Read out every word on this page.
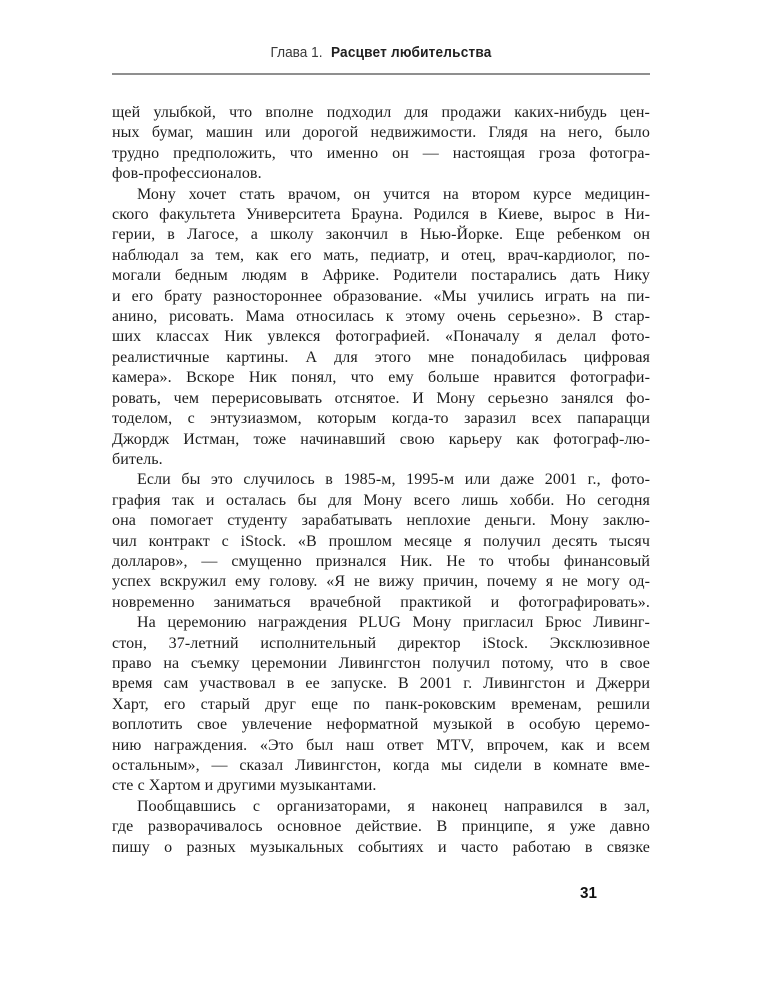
Глава 1. Расцвет любительства
щей улыбкой, что вполне подходил для продажи каких-нибудь цен-
ных бумаг, машин или дорогой недвижимости. Глядя на него, было
трудно предположить, что именно он — настоящая гроза фотогра-
фов-профессионалов.
Мону хочет стать врачом, он учится на втором курсе медицин-
ского факультета Университета Брауна. Родился в Киеве, вырос в Ни-
герии, в Лагосе, а школу закончил в Нью-Йорке. Еще ребенком он
наблюдал за тем, как его мать, педиатр, и отец, врач-кардиолог, по-
могали бедным людям в Африке. Родители постарались дать Нику
и его брату разностороннее образование. «Мы учились играть на пи-
анино, рисовать. Мама относилась к этому очень серьезно». В стар-
ших классах Ник увлекся фотографией. «Поначалу я делал фото-
реалистичные картины. А для этого мне понадобилась цифровая
камера». Вскоре Ник понял, что ему больше нравится фотографи-
ровать, чем перерисовывать отснятое. И Мону серьезно занялся фо-
тоделом, с энтузиазмом, которым когда-то заразил всех папарацци
Джордж Истман, тоже начинавший свою карьеру как фотограф-лю-
битель.
Если бы это случилось в 1985-м, 1995-м или даже 2001 г., фото-
графия так и осталась бы для Мону всего лишь хобби. Но сегодня
она помогает студенту зарабатывать неплохие деньги. Мону заклю-
чил контракт с iStock. «В прошлом месяце я получил десять тысяч
долларов», — смущенно признался Ник. Не то чтобы финансовый
успех вскружил ему голову. «Я не вижу причин, почему я не могу од-
новременно заниматься врачебной практикой и фотографировать».
На церемонию награждения PLUG Мону пригласил Брюс Ливинг-
стон, 37-летний исполнительный директор iStock. Эксклюзивное
право на съемку церемонии Ливингстон получил потому, что в свое
время сам участвовал в ее запуске. В 2001 г. Ливингстон и Джерри
Харт, его старый друг еще по панк-роковским временам, решили
воплотить свое увлечение неформатной музыкой в особую церемо-
нию награждения. «Это был наш ответ MTV, впрочем, как и всем
остальным», — сказал Ливингстон, когда мы сидели в комнате вме-
сте с Хартом и другими музыкантами.
Пообщавшись с организаторами, я наконец направился в зал,
где разворачивалось основное действие. В принципе, я уже давно
пишу о разных музыкальных событиях и часто работаю в связке
31
